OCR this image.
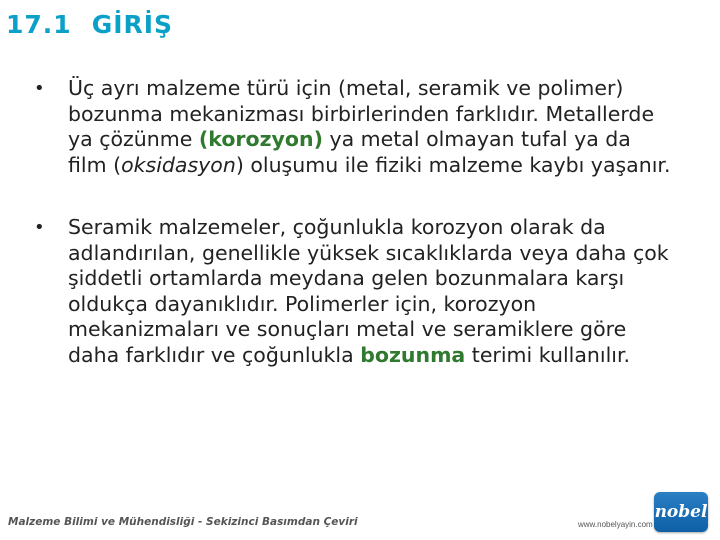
17.1 GİRİŞ
• Üç ayrı malzeme türü için (metal, seramik ve polimer) bozunma mekanizması birbirlerinden farklıdır. Metallerde ya çözünme (korozyon) ya metal olmayan tufal ya da film (oksidasyon) oluşumu ile fiziki malzeme kaybı yaşanır.
• Seramik malzemeler, çoğunlukla korozyon olarak da adlandırılan, genellikle yüksek sıcaklıklarda veya daha çok şiddetli ortamlarda meydana gelen bozunmalara karşı oldukça dayanıklıdır. Polimerler için, korozyon mekanizmaları ve sonuçları metal ve seramiklere göre daha farklıdır ve çoğunlukla bozunma terimi kullanılır.
Malzeme Bilimi ve Mühendisliği - Sekizinci Basımdan Çeviri	www.nobelyayin.com
nobel
